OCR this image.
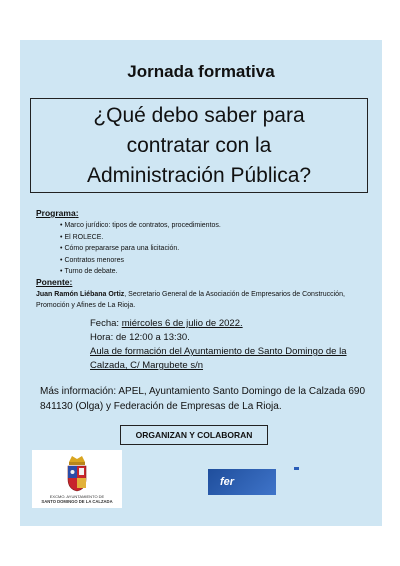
Jornada formativa
¿Qué debo saber para
contratar con la
Administración Pública?
Programa:
• Marco jurídico: tipos de contratos, procedimientos.
• El ROLECE.
• Cómo prepararse para una licitación.
• Contratos menores
• Turno de debate.
Ponente:
Juan Ramón Liébana Ortiz, Secretario General de la Asociación de Empresarios de Construcción, Promoción y Afines de La Rioja.
Fecha: miércoles 6 de julio de 2022.
Hora: de 12:00 a 13:30.
Aula de formación del Ayuntamiento de Santo Domingo de la Calzada, C/ Margubete s/n
Más información: APEL, Ayuntamiento Santo Domingo de la Calzada 690 841130 (Olga) y Federación de Empresas de La Rioja.
ORGANIZAN Y COLABORAN
EXCMO. AYUNTAMIENTO DE
SANTO DOMINGO DE LA CALZADA
fer
